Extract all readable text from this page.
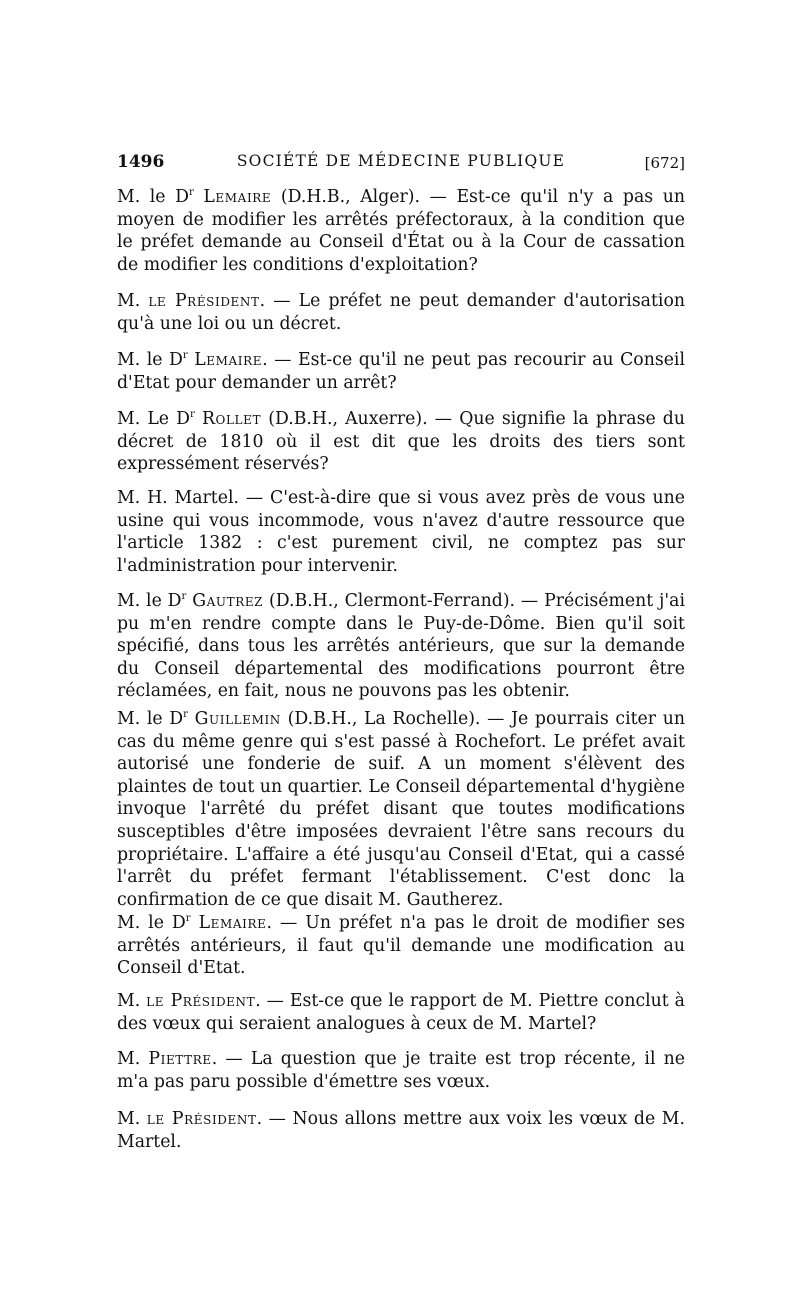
1496	SOCIÉTÉ DE MÉDECINE PUBLIQUE	[672]

M. le $D^r$ Lemaire (D.H.B., Alger). — Est-ce qu'il n'y a pas un moyen de modifier les arrêtés préfectoraux, à la condition que le préfet demande au Conseil d'État ou à la Cour de cassation de modifier les conditions d'exploitation?

M. le Président. — Le préfet ne peut demander d'autorisation qu'à une loi ou un décret.

M. le $D^r$ Lemaire. — Est-ce qu'il ne peut pas recourir au Conseil d'Etat pour demander un arrêt?

M. Le $D^r$ Rollet (D.B.H., Auxerre). — Que signifie la phrase du décret de 1810 où il est dit que les droits des tiers sont expressément réservés?

M. H. Martel. — C'est-à-dire que si vous avez près de vous une usine qui vous incommode, vous n'avez d'autre ressource que l'article 1382 : c'est purement civil, ne comptez pas sur l'administration pour intervenir.

M. le $D^r$ Gautrez (D.B.H., Clermont-Ferrand). — Précisément j'ai pu m'en rendre compte dans le Puy-de-Dôme. Bien qu'il soit spécifié, dans tous les arrêtés antérieurs, que sur la demande du Conseil départemental des modifications pourront être réclamées, en fait, nous ne pouvons pas les obtenir.

M. le $D^r$ Guillemin (D.B.H., La Rochelle). — Je pourrais citer un cas du même genre qui s'est passé à Rochefort. Le préfet avait autorisé une fonderie de suif. A un moment s'élèvent des plaintes de tout un quartier. Le Conseil départemental d'hygiène invoque l'arrêté du préfet disant que toutes modifications susceptibles d'être imposées devraient l'être sans recours du propriétaire. L'affaire a été jusqu'au Conseil d'Etat, qui a cassé l'arrêt du préfet fermant l'établissement. C'est donc la confirmation de ce que disait M. Gautherez.

M. le $D^r$ Lemaire. — Un préfet n'a pas le droit de modifier ses arrêtés antérieurs, il faut qu'il demande une modification au Conseil d'Etat.

M. le Président. — Est-ce que le rapport de M. Piettre conclut à des vœux qui seraient analogues à ceux de M. Martel?

M. Piettre. — La question que je traite est trop récente, il ne m'a pas paru possible d'émettre ses vœux.

M. le Président. — Nous allons mettre aux voix les vœux de M. Martel.
